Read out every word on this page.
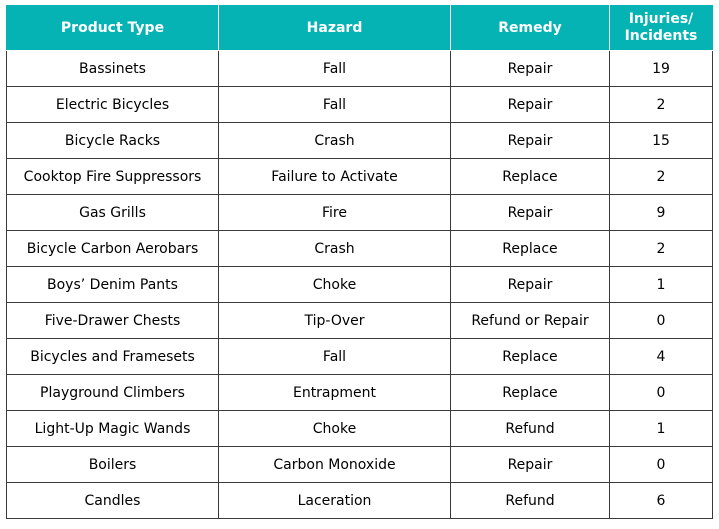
Product Type	Hazard	Remedy	Injuries/
Incidents
Bassinets	Fall	Repair	19
Electric Bicycles	Fall	Repair	2
Bicycle Racks	Crash	Repair	15
Cooktop Fire Suppressors	Failure to Activate	Replace	2
Gas Grills	Fire	Repair	9
Bicycle Carbon Aerobars	Crash	Replace	2
Boys’ Denim Pants	Choke	Repair	1
Five-Drawer Chests	Tip-Over	Refund or Repair	0
Bicycles and Framesets	Fall	Replace	4
Playground Climbers	Entrapment	Replace	0
Light-Up Magic Wands	Choke	Refund	1
Boilers	Carbon Monoxide	Repair	0
Candles	Laceration	Refund	6
